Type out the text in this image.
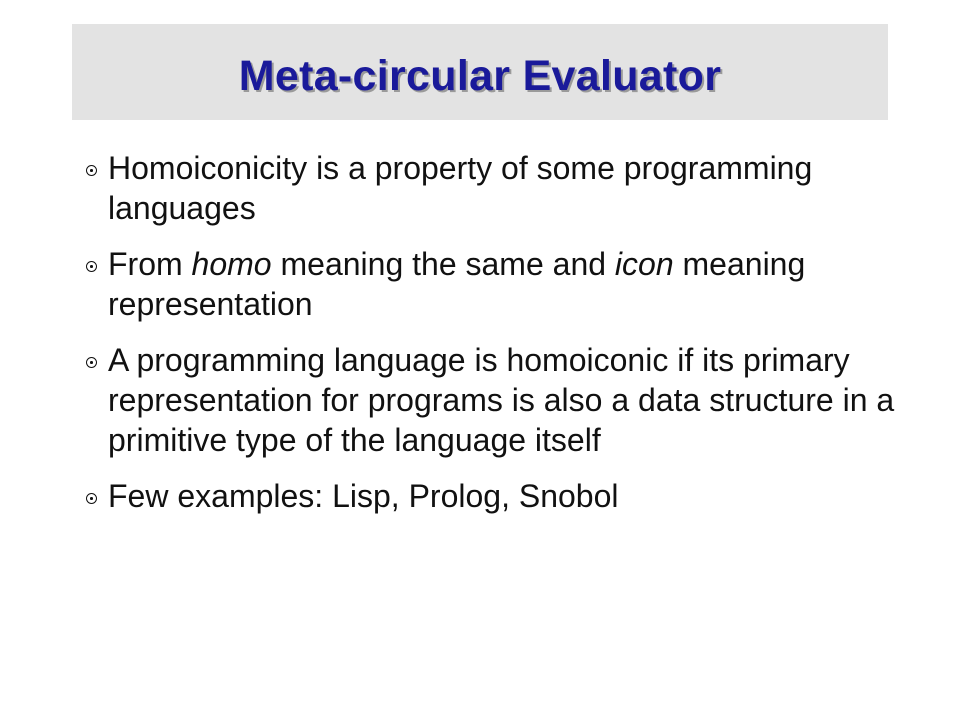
Meta-circular Evaluator
Homoiconicity is a property of some programming languages
From homo meaning the same and icon meaning representation
A programming language is homoiconic if its primary representation for programs is also a data structure in a primitive type of the language itself
Few examples: Lisp, Prolog, Snobol
